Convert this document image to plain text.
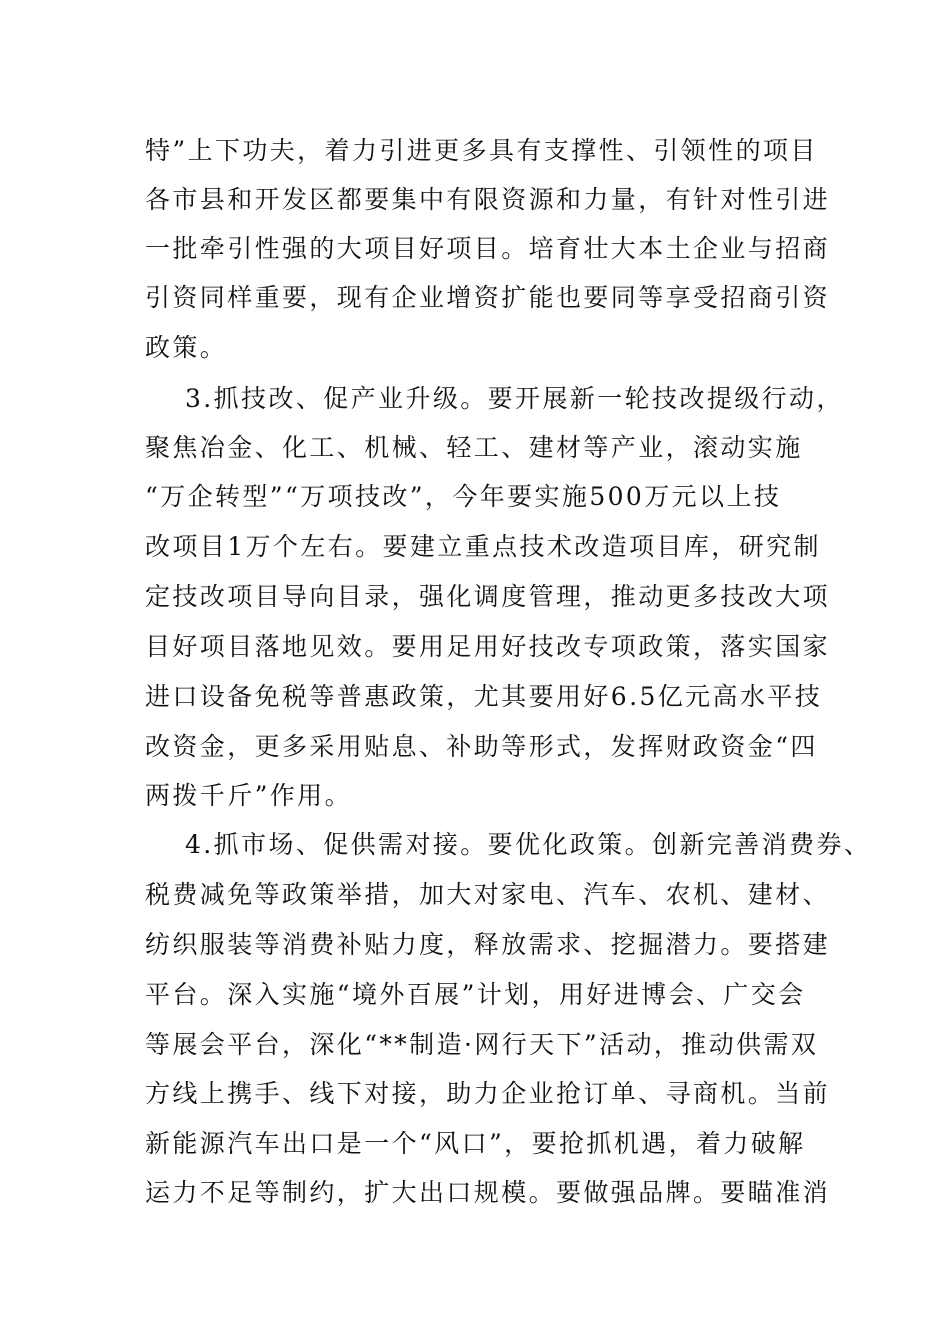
特”上下功夫，着力引进更多具有支撑性、引领性的项目
各市县和开发区都要集中有限资源和力量，有针对性引进
一批牵引性强的大项目好项目。培育壮大本土企业与招商
引资同样重要，现有企业增资扩能也要同等享受招商引资
政策。
3.抓技改、促产业升级。要开展新一轮技改提级行动，
聚焦冶金、化工、机械、轻工、建材等产业，滚动实施
“万企转型”“万项技改”，今年要实施500万元以上技
改项目1万个左右。要建立重点技术改造项目库，研究制
定技改项目导向目录，强化调度管理，推动更多技改大项
目好项目落地见效。要用足用好技改专项政策，落实国家
进口设备免税等普惠政策，尤其要用好6.5亿元高水平技
改资金，更多采用贴息、补助等形式，发挥财政资金“四
两拨千斤”作用。
4.抓市场、促供需对接。要优化政策。创新完善消费券、
税费减免等政策举措，加大对家电、汽车、农机、建材、
纺织服装等消费补贴力度，释放需求、挖掘潜力。要搭建
平台。深入实施“境外百展”计划，用好进博会、广交会
等展会平台，深化“**制造·网行天下”活动，推动供需双
方线上携手、线下对接，助力企业抢订单、寻商机。当前
新能源汽车出口是一个“风口”，要抢抓机遇，着力破解
运力不足等制约，扩大出口规模。要做强品牌。要瞄准消
